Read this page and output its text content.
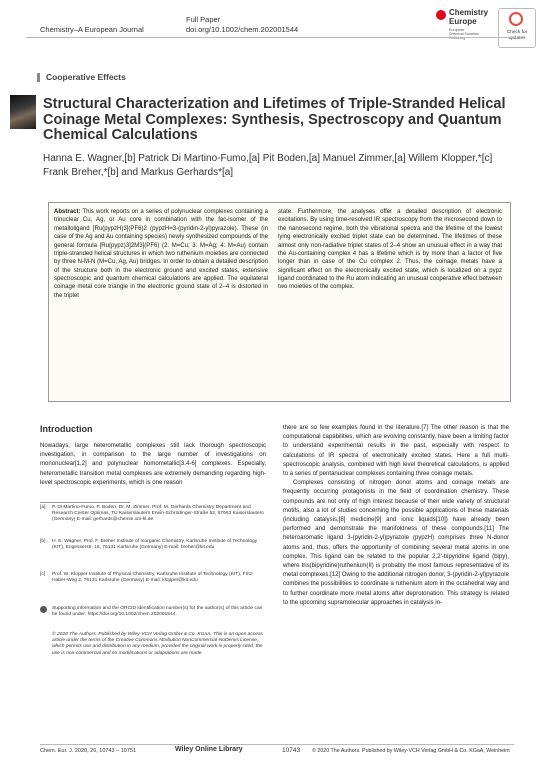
Chemistry–A European Journal
Full Paper
doi.org/10.1002/chem.202001544
Chemistry Europe
European Chemical Societies Publishing
Check for updates
Cooperative Effects
Structural Characterization and Lifetimes of Triple-Stranded Helical Coinage Metal Complexes: Synthesis, Spectroscopy and Quantum Chemical Calculations
Hanna E. Wagner,[b] Patrick Di Martino-Fumo,[a] Pit Boden,[a] Manuel Zimmer,[a] Willem Klopper,*[c] Frank Breher,*[b] and Markus Gerhards*[a]
Abstract: This work reports on a series of polynuclear complexes containing a trinuclear Cu, Ag, or Au core in combination with the fac-isomer of the metalloligand [Ru(pypzH)3](PF6)2 (pypzH=3-(pyridin-2-yl)pyrazole). These (in case of the Ag and Au containing species) newly synthesized compounds of the general formula [Ru(pypz)3]2M3](PF6) (2: M=Cu; 3: M=Ag; 4: M=Au) contain triple-stranded helical structures in which two ruthenium moieties are connected by three N-M-N (M=Cu, Ag, Au) bridges. In order to obtain a detailed description of the structure both in the electronic ground and excited states, extensive spectroscopic and quantum chemical calculations are applied. The equilateral coinage metal core triangle in the electronic ground state of 2–4 is distorted in the triplet
state. Furthermore, the analyses offer a detailed description of electronic excitations. By using time-resolved IR spectroscopy from the microsecond down to the nanosecond regime, both the vibrational spectra and the lifetime of the lowest lying electronically excited triplet state can be determined. The lifetimes of these almost only non-radiative triplet states of 2–4 show an unusual effect in a way that the Au-containing complex 4 has a lifetime which is by more than a factor of five longer than in case of the Cu complex 2. Thus, the coinage metals have a significant effect on the electronically excited state, which is localized on a pypz ligand coordinated to the Ru atom indicating an unusual cooperative effect between two moieties of the complex.
Introduction
Nowadays, large heterometallic complexes still lack thorough spectroscopic investigation, in comparison to the large number of investigations on mononuclear[1,2] and polynuclear homometallic[3,4-6] complexes. Especially, heterometallic transition metal complexes are extremely demanding regarding high-level spectroscopic experiments, which is one reason

there are so few examples found in the literature.[7] The other reason is that the computational capabilities, which are evolving constantly, have been a limiting factor to understand experimental results in the past, especially with respect to calculations of IR spectra of electronically excited states. Here a full multi-spectroscopic analysis, combined with high level theoretical calculations, is applied to a series of pentanuclear complexes containing three coinage metals.

Complexes consisting of nitrogen donor atoms and coinage metals are frequently occurring protagonists in the field of coordination chemistry. These compounds are not only of high interest because of their wide variety of structural motifs, also a lot of studies concerning the possible applications of these materials (including catalysis,[8] medicine[9] and ionic liquids[10]) have already been performed and demonstrate the manifoldness of these compounds.[11] The heteroaromatic ligand 3-(pyridin-2-yl)pyrazole (pypzH) comprises three N-donor atoms and, thus, offers the opportunity of combining several metal atoms in one complex. This ligand can be related to the popular 2,2'-bipyridine ligand (bipy), where tris(bipyridine)ruthenium(II) is probably the most famous representative of its metal complexes.[12] Owing to the additional nitrogen donor, 3-(pyridin-2-yl)pyrazole combines the possibilities to coordinate a ruthenium atom in the octahedral way and to further coordinate more metal atoms after deprotonation. This strategy is related to the upcoming supramolecular approaches in catalysis in-

[a] P. Di Martino-Fumo, P. Boden, Dr. M. Zimmer, Prof. M. Gerhards Chemistry Department and Research Center Optimas, TU Kaiserslautern Erwin-Schrödinger-Straße 52, 67663 Kaiserslautern (Germany) E-mail: gerhards@chemie.uni-kl.de
[b] H. E. Wagner, Prof. F. Breher Institute of Inorganic Chemistry, Karlsruhe Institute of Technology (KIT), Engesserstr. 15, 76131 Karlsruhe (Germany) E-mail: breher@kit.edu
[c] Prof. W. Klopper Institute of Physical Chemistry, Karlsruhe Institute of Technology (KIT), Fritz-Haber-Weg 2, 76131 Karlsruhe (Germany) E-mail: klopper@kit.edu
Supporting information and the ORCID identification number(s) for the author(s) of this article can be found under: https://doi.org/10.1002/chem.202001544.
© 2020 The Authors. Published by Wiley-VCH Verlag GmbH & Co. KGaA. This is an open access article under the terms of the Creative Commons Attribution NonCommercial-NoDerivs License, which permits use and distribution in any medium, provided the original work is properly cited, the use is non-commercial and no modifications or adaptations are made.
Chem. Eur. J. 2020, 26, 10743 – 10751	Wiley Online Library	10743 © 2020 The Authors. Published by Wiley-VCH Verlag GmbH & Co. KGaA, Weinheim
